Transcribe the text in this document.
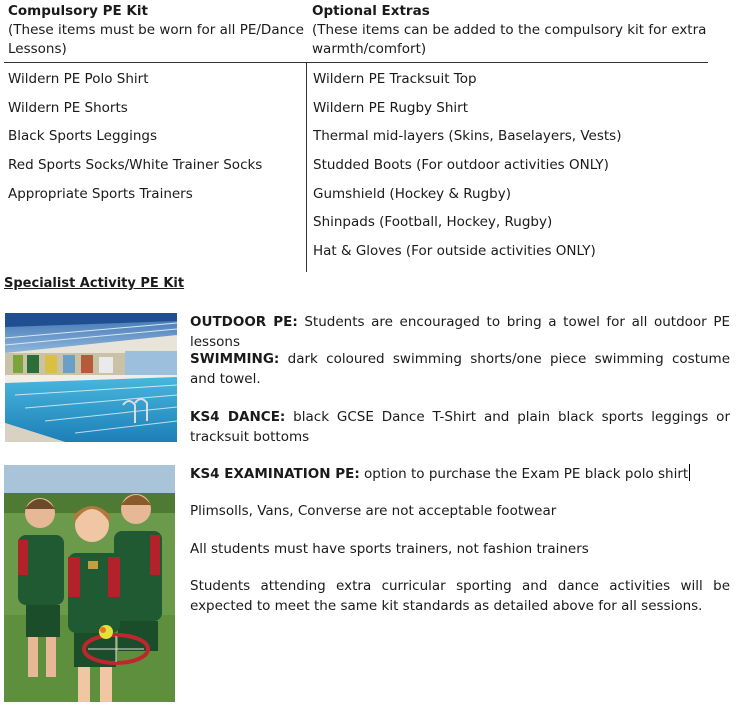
Compulsory PE Kit
(These items must be worn for all PE/Dance Lessons)
Optional Extras
(These items can be added to the compulsory kit for extra warmth/comfort)
Wildern PE Polo Shirt
Wildern PE Shorts
Black Sports Leggings
Red Sports Socks/White Trainer Socks
Appropriate Sports Trainers
Wildern PE Tracksuit Top
Wildern PE Rugby Shirt
Thermal mid-layers (Skins, Baselayers, Vests)
Studded Boots (For outdoor activities ONLY)
Gumshield (Hockey & Rugby)
Shinpads (Football, Hockey, Rugby)
Hat & Gloves (For outside activities ONLY)
Specialist Activity PE Kit
OUTDOOR PE: Students are encouraged to bring a towel for all outdoor PE lessons
SWIMMING: dark coloured swimming shorts/one piece swimming costume and towel.
KS4 DANCE: black GCSE Dance T-Shirt and plain black sports leggings or tracksuit bottoms
KS4 EXAMINATION PE: option to purchase the Exam PE black polo shirt
Plimsolls, Vans, Converse are not acceptable footwear
All students must have sports trainers, not fashion trainers
Students attending extra curricular sporting and dance activities will be expected to meet the same kit standards as detailed above for all sessions.
